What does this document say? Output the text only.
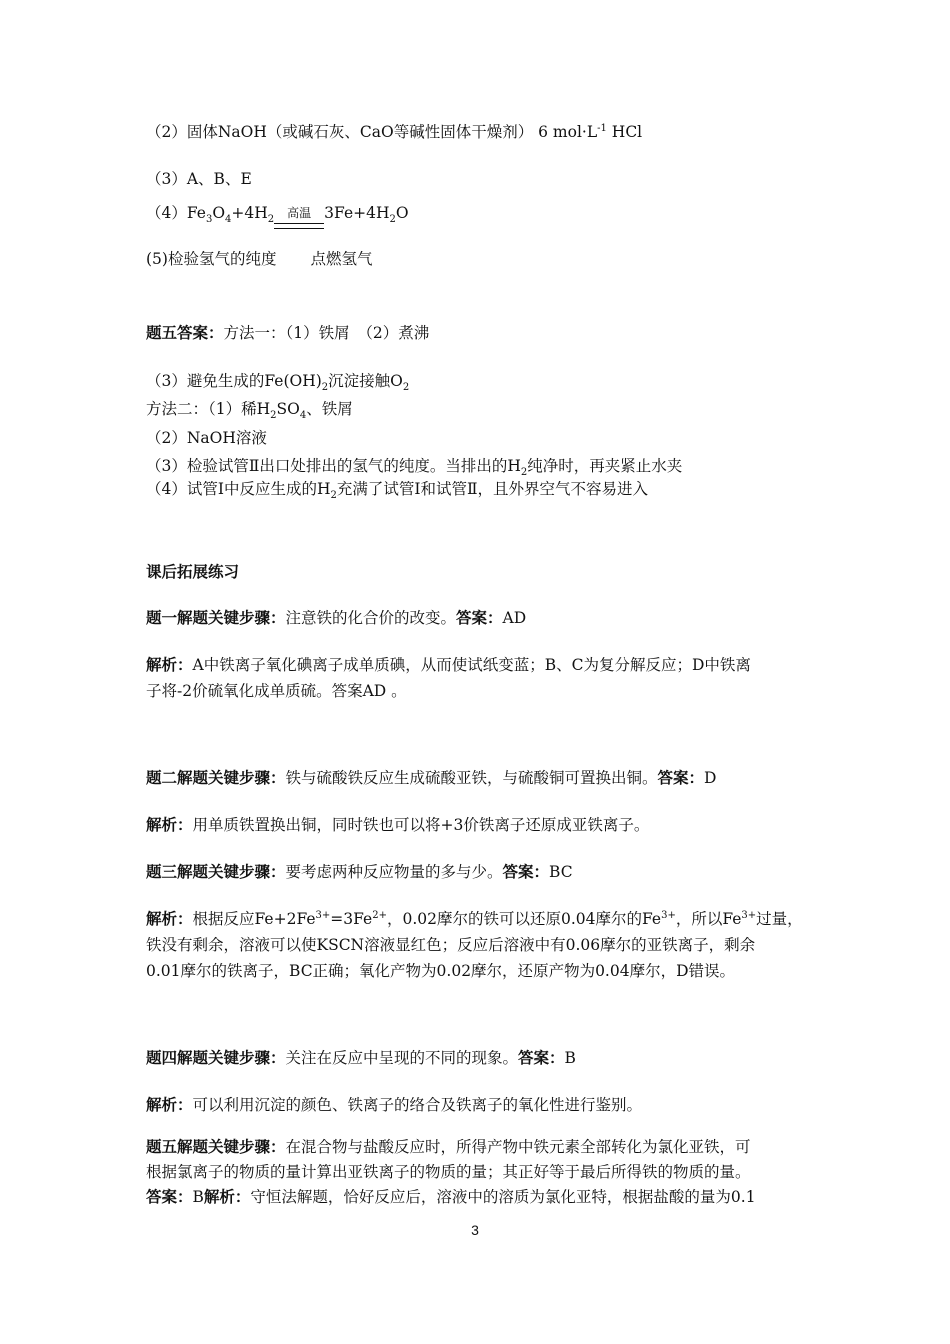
（2）固体NaOH（或碱石灰、CaO等碱性固体干燥剂） 6 $mol\cdot L^{-1}$ HCl
（3）A、B、E
$(4)Fe_3O_4+4H_2$ 高温 $3Fe+4H_2O$
(5)检验氢气的纯度 点燃氢气
题五答案：方法一：（1）铁屑　（2）煮沸
（3）避免生成的$Fe(OH)_2$沉淀接触$O_2$
方法二：（1）稀$H_2SO_4$、铁屑
（2）NaOH溶液
（3）检验试管Ⅱ出口处排出的氢气的纯度。当排出的$H_2$纯净时，再夹紧止水夹
（4）试管Ⅰ中反应生成的$H_2$充满了试管Ⅰ和试管Ⅱ，且外界空气不容易进入
课后拓展练习
题一解题关键步骤：注意铁的化合价的改变。答案：AD
解析：A中铁离子氧化碘离子成单质碘，从而使试纸变蓝；B、C为复分解反应；D中铁离
子将-2价硫氧化成单质硫。答案AD 。
题二解题关键步骤：铁与硫酸铁反应生成硫酸亚铁，与硫酸铜可置换出铜。答案：D
解析：用单质铁置换出铜，同时铁也可以将+3价铁离子还原成亚铁离子。
题三解题关键步骤：要考虑两种反应物量的多与少。答案：BC
解析：根据反应$Fe+2Fe^{3+}=3Fe^{2+}$，0.02摩尔的铁可以还原0.04摩尔的$Fe^{3+}$，所以$Fe^{3+}$过量，
铁没有剩余，溶液可以使KSCN溶液显红色；反应后溶液中有0.06摩尔的亚铁离子，剩余
0.01摩尔的铁离子，BC正确；氧化产物为0.02摩尔，还原产物为0.04摩尔，D错误。
题四解题关键步骤：关注在反应中呈现的不同的现象。答案：B
解析：可以利用沉淀的颜色、铁离子的络合及铁离子的氧化性进行鉴别。
题五解题关键步骤：在混合物与盐酸反应时，所得产物中铁元素全部转化为氯化亚铁，可
根据氯离子的物质的量计算出亚铁离子的物质的量；其正好等于最后所得铁的物质的量。
答案：B解析：守恒法解题，恰好反应后，溶液中的溶质为氯化亚特，根据盐酸的量为0.1
3
